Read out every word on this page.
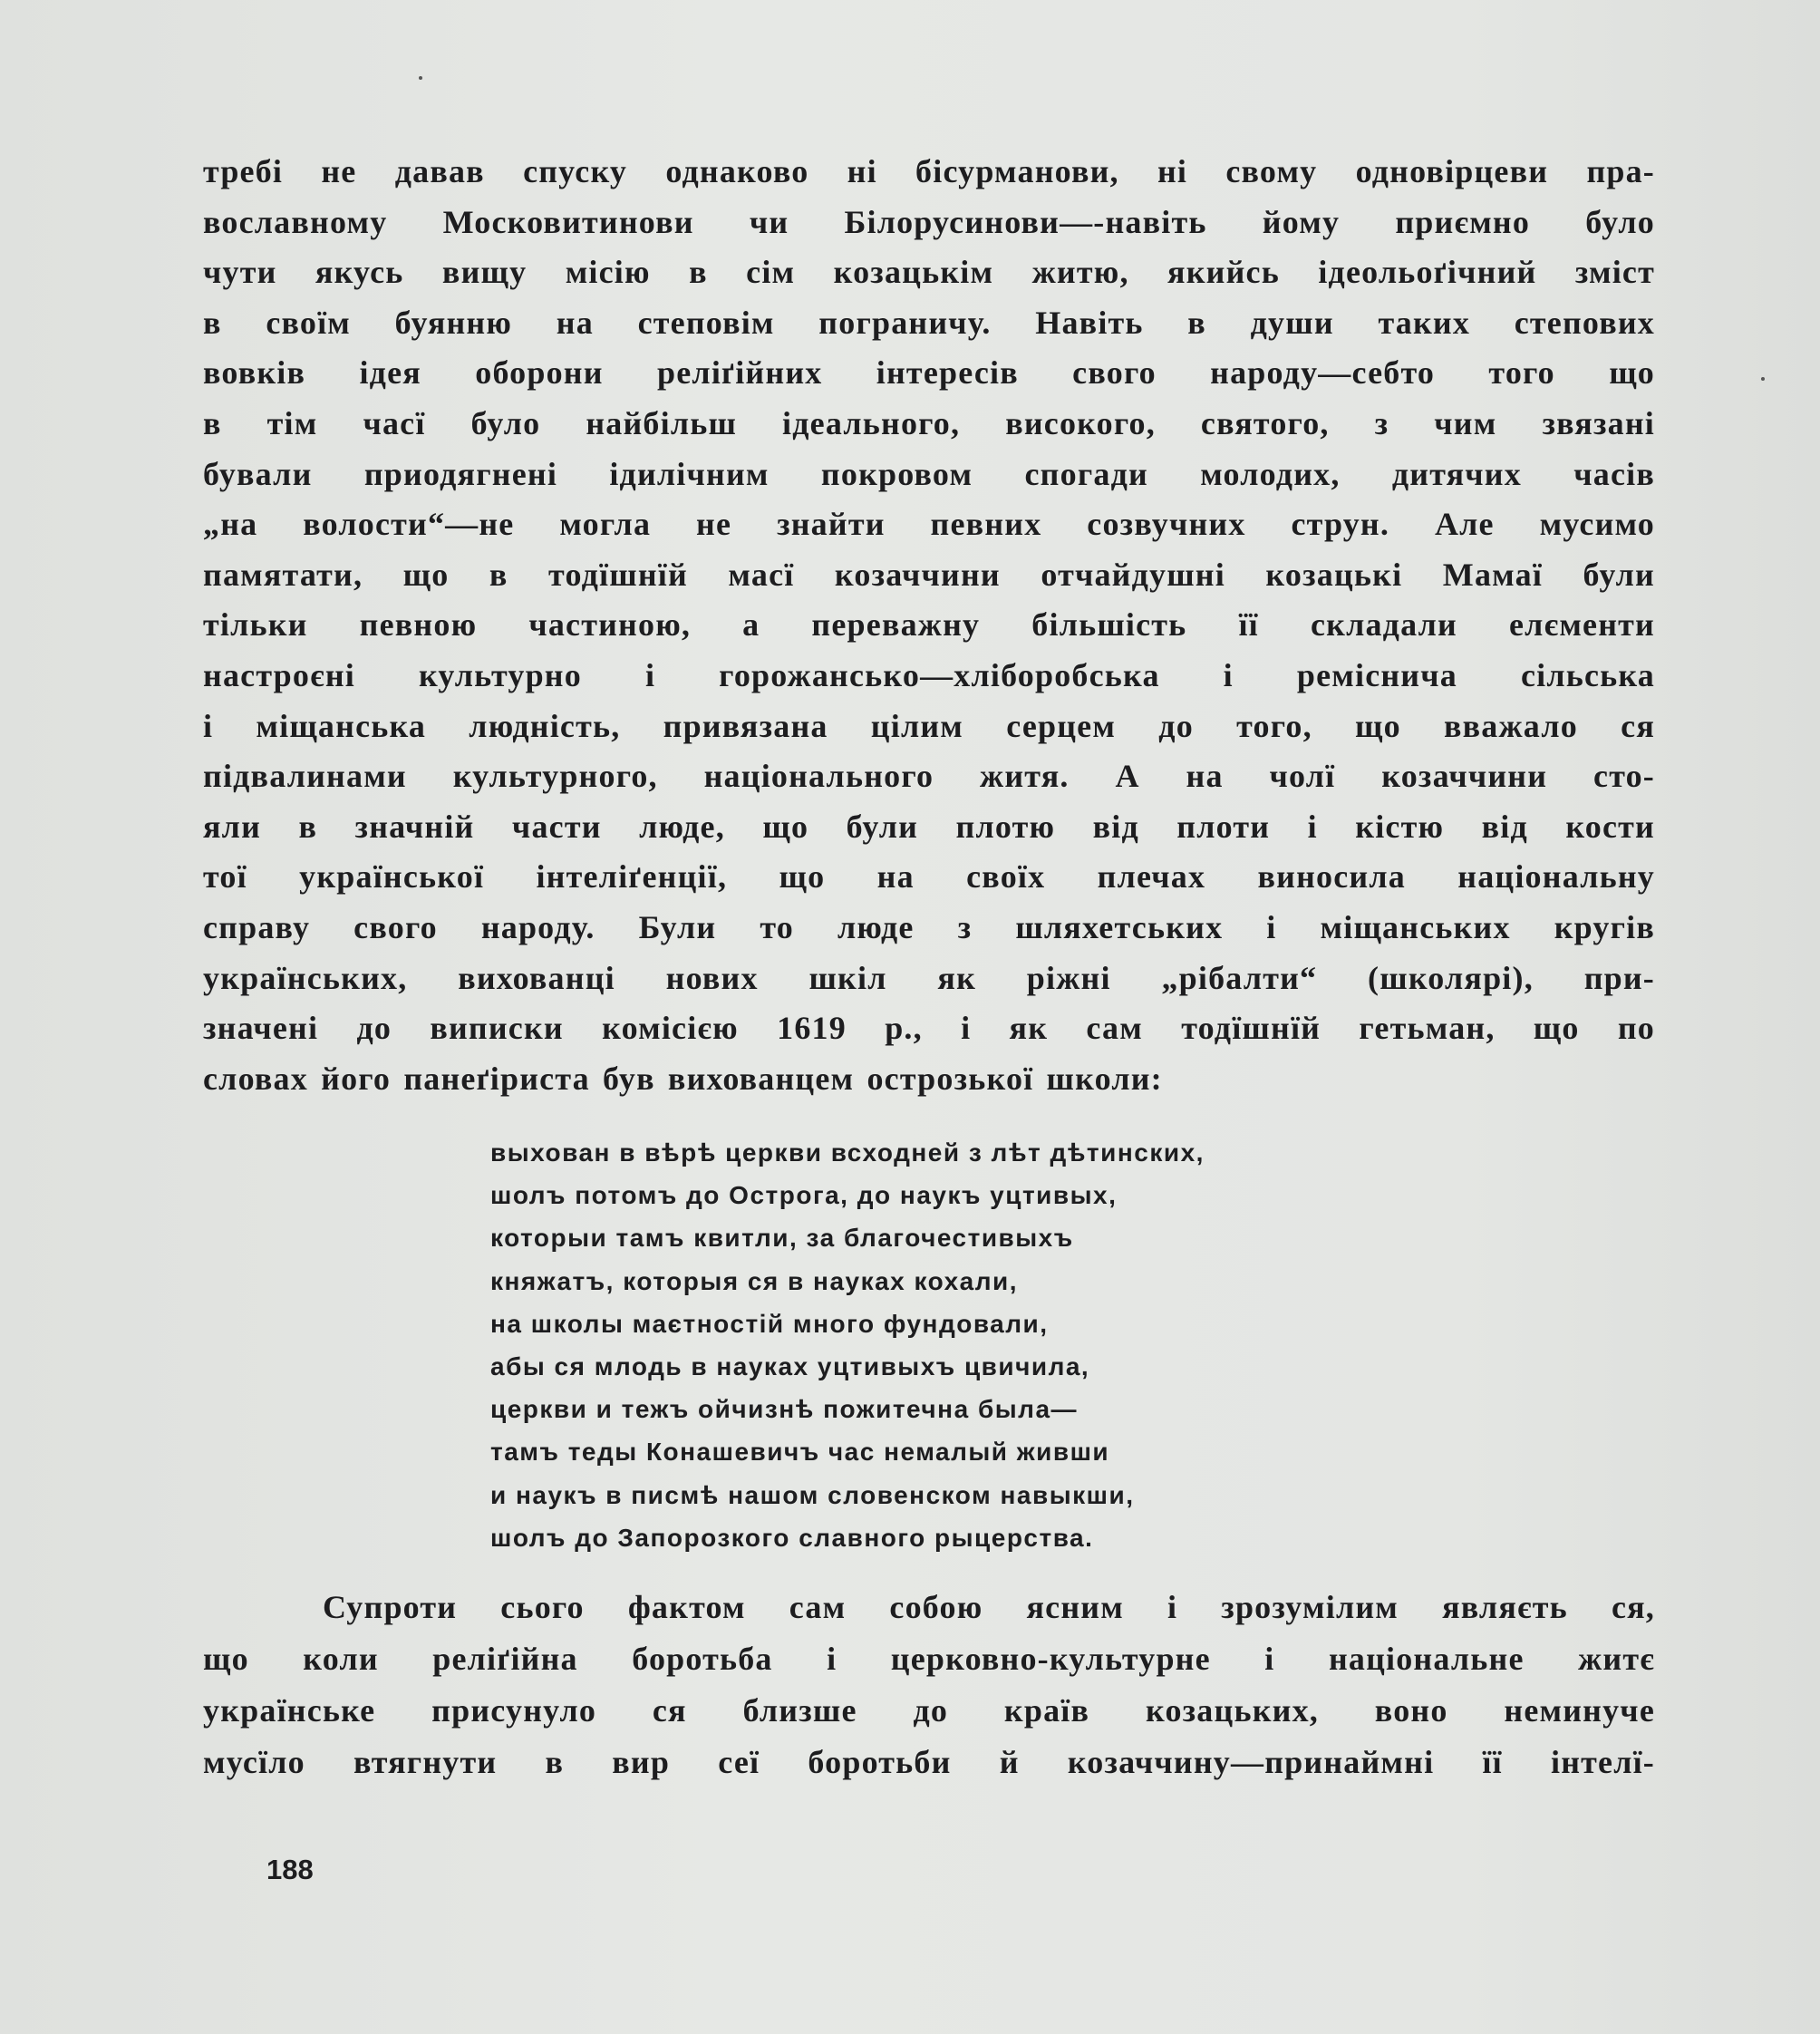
требі не давав спуску однаково ні бісурманови, ні свому одновірцеви пра-
вославному Московитинови чи Білорусинови—-навіть йому приємно було
чути якусь вищу місію в сім козацькім житю, якийсь ідеольоґічний зміст
в своїм буянню на степовім пограничу. Навіть в души таких степових
вовків ідея оборони реліґійних інтересів свого народу—себто того що
в тім часї було найбільш ідеального, високого, святого, з чим звязані
бували приодягнені ідилічним покровом спогади молодих, дитячих часів
„на волости“—не могла не знайти певних созвучних струн. Але мусимо
памятати, що в тодїшнїй масї козаччини отчайдушні козацькі Мамаї були
тільки певною частиною, а переважну більшість її складали елєменти
настроєні культурно і горожансько—хліборобська і реміснича сільська
і міщанська людність, привязана цілим серцем до того, що вважало ся
підвалинами культурного, національного житя. А на чолї козаччини сто-
яли в значній части люде, що були плотю від плоти і кістю від кости
тої української інтеліґенції, що на своїх плечах виносила національну
справу свого народу. Були то люде з шляхетських і міщанських кругів
українських, вихованці нових шкіл як ріжні „рібалти“ (школярі), при-
значені до виписки комісією 1619 р., і як сам тодїшнїй гетьман, що по
словах його панеґіриста був вихованцем острозької школи:
выхован в вѣрѣ церкви всходней з лѣт дѣтинских,
шолъ потомъ до Острога, до наукъ уцтивых,
которыи тамъ квитли, за благочестивыхъ
княжатъ, которыя ся в науках кохали,
на школы маєтностій много фундовали,
абы ся млодь в науках уцтивыхъ цвичила,
церкви и тежъ ойчизнѣ пожитечна была—
тамъ теды Конашевичъ час немалый живши
и наукъ в писмѣ нашом словенском навыкши,
шолъ до Запорозкого славного рыцерства.
Супроти сього фактом сам собою ясним і зрозумілим являєть ся,
що коли реліґійна боротьба і церковно-культурне і національне житє
українське присунуло ся близше до країв козацьких, воно неминуче
мусїло втягнути в вир сеї боротьби й козаччину—принаймні її інтелї-
188
